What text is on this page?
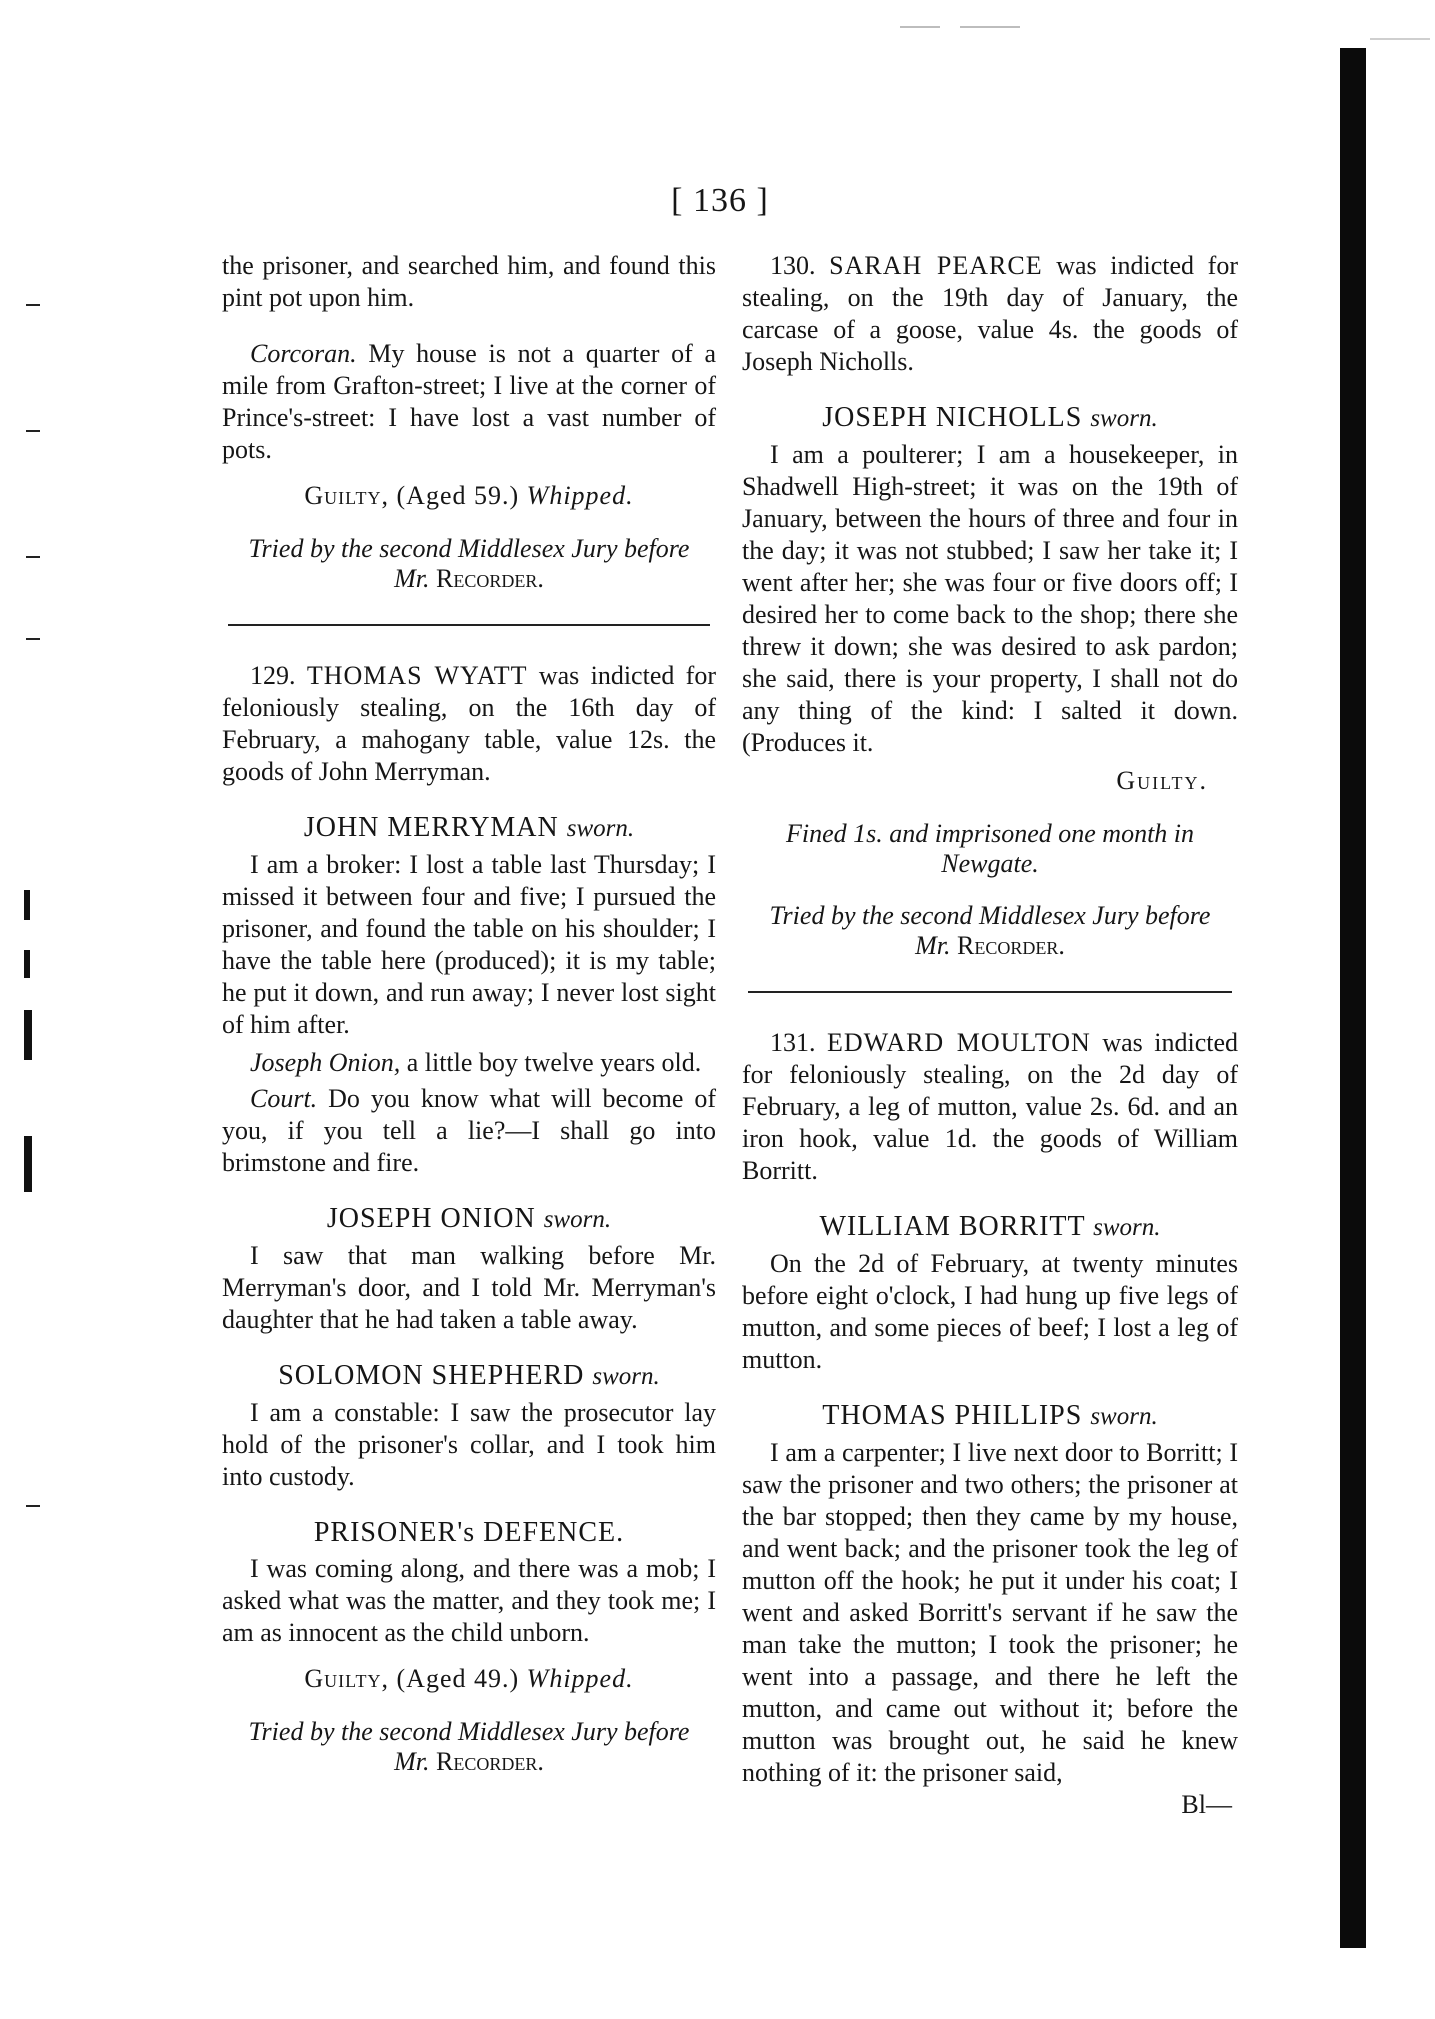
[ 136 ]

the prisoner, and searched him, and found this pint pot upon him.

Corcoran. My house is not a quarter of a mile from Grafton-street; I live at the corner of Prince's-street: I have lost a vast number of pots.

Guilty, (Aged 59.) Whipped.
Tried by the second Middlesex Jury before
Mr. Recorder.

129. THOMAS WYATT was indicted for feloniously stealing, on the 16th day of February, a mahogany table, value 12s. the goods of John Merryman.

JOHN MERRYMAN sworn.

I am a broker: I lost a table last Thursday; I missed it between four and five; I pursued the prisoner, and found the table on his shoulder; I have the table here (produced); it is my table; he put it down, and run away; I never lost sight of him after.

Joseph Onion, a little boy twelve years old.

Court. Do you know what will become of you, if you tell a lie?—I shall go into brimstone and fire.

JOSEPH ONION sworn.

I saw that man walking before Mr. Merryman's door, and I told Mr. Merryman's daughter that he had taken a table away.

SOLOMON SHEPHERD sworn.

I am a constable: I saw the prosecutor lay hold of the prisoner's collar, and I took him into custody.

PRISONER's DEFENCE.

I was coming along, and there was a mob; I asked what was the matter, and they took me; I am as innocent as the child unborn.

Guilty, (Aged 49.) Whipped.
Tried by the second Middlesex Jury before
Mr. Recorder.

130. SARAH PEARCE was indicted for stealing, on the 19th day of January, the carcase of a goose, value 4s. the goods of Joseph Nicholls.

JOSEPH NICHOLLS sworn.

I am a poulterer; I am a housekeeper, in Shadwell High-street; it was on the 19th of January, between the hours of three and four in the day; it was not stubbed; I saw her take it; I went after her; she was four or five doors off; I desired her to come back to the shop; there she threw it down; she was desired to ask pardon; she said, there is your property, I shall not do any thing of the kind: I salted it down. (Produces it.

Guilty.
Fined 1s. and imprisoned one month in
Newgate.
Tried by the second Middlesex Jury before
Mr. Recorder.

131. EDWARD MOULTON was indicted for feloniously stealing, on the 2d day of February, a leg of mutton, value 2s. 6d. and an iron hook, value 1d. the goods of William Borritt.

WILLIAM BORRITT sworn.

On the 2d of February, at twenty minutes before eight o'clock, I had hung up five legs of mutton, and some pieces of beef; I lost a leg of mutton.

THOMAS PHILLIPS sworn.

I am a carpenter; I live next door to Borritt; I saw the prisoner and two others; the prisoner at the bar stopped; then they came by my house, and went back; and the prisoner took the leg of mutton off the hook; he put it under his coat; I went and asked Borritt's servant if he saw the man take the mutton; I took the prisoner; he went into a passage, and there he left the mutton, and came out without it; before the mutton was brought out, he said he knew nothing of it: the prisoner said,

Bl—
